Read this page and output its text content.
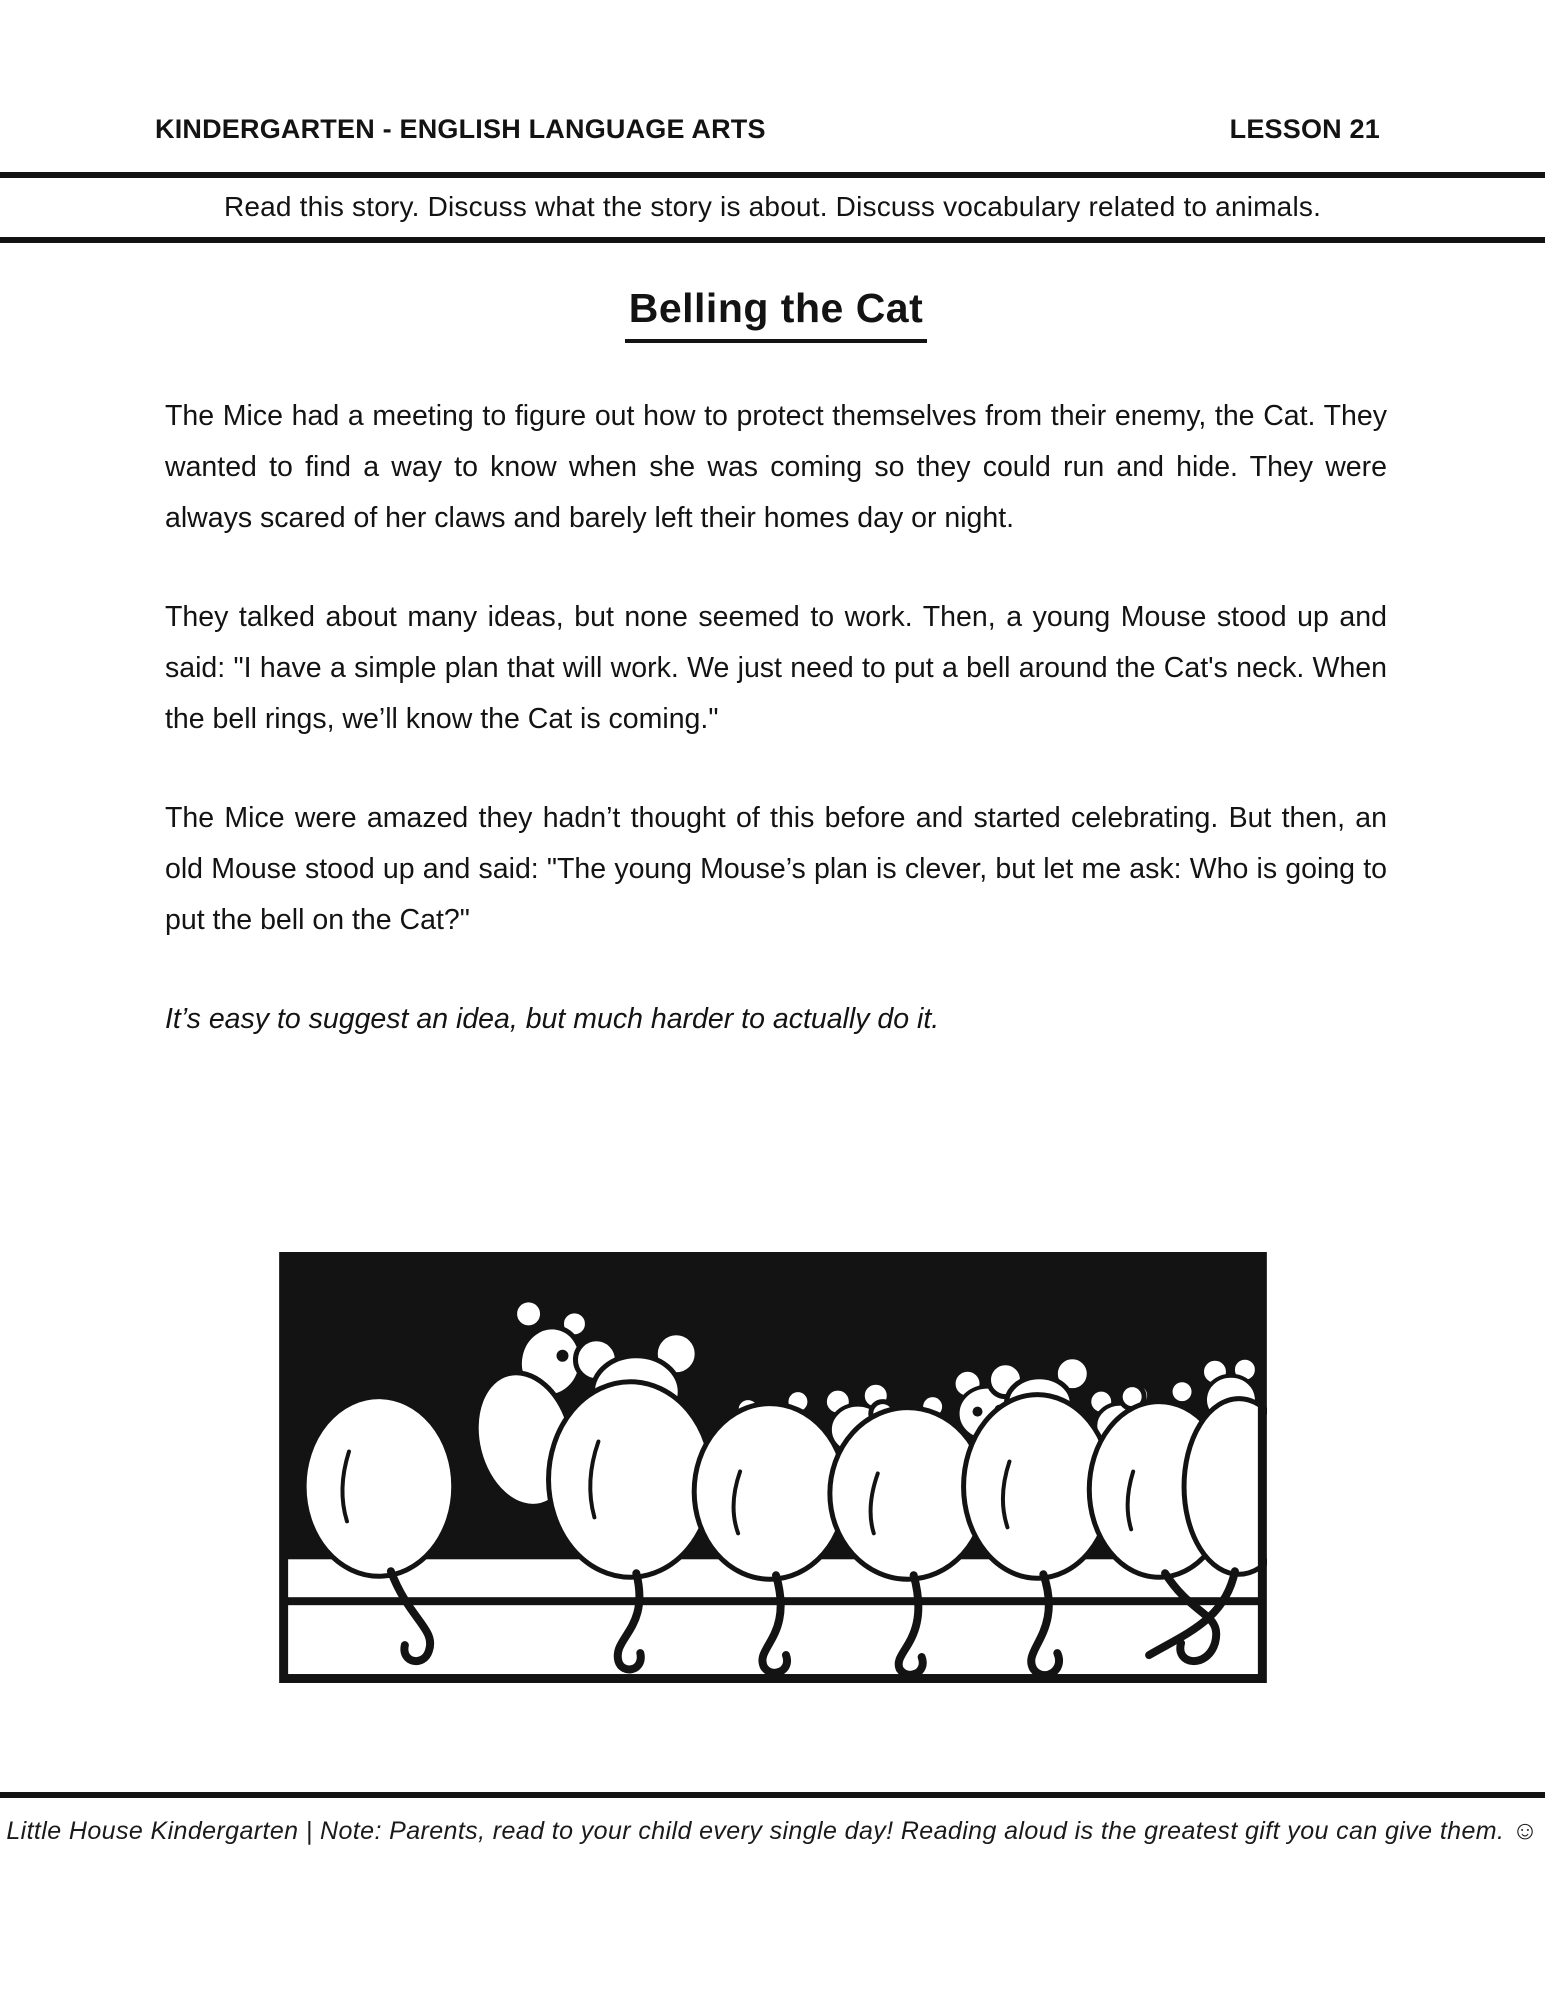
KINDERGARTEN - ENGLISH LANGUAGE ARTS	LESSON 21
Read this story. Discuss what the story is about. Discuss vocabulary related to animals.
Belling the Cat

The Mice had a meeting to figure out how to protect themselves from their enemy, the Cat. They wanted to find a way to know when she was coming so they could run and hide. They were always scared of her claws and barely left their homes day or night.

They talked about many ideas, but none seemed to work. Then, a young Mouse stood up and said: "I have a simple plan that will work. We just need to put a bell around the Cat's neck. When the bell rings, we’ll know the Cat is coming."

The Mice were amazed they hadn’t thought of this before and started celebrating. But then, an old Mouse stood up and said: "The young Mouse’s plan is clever, but let me ask: Who is going to put the bell on the Cat?"

It’s easy to suggest an idea, but much harder to actually do it.

Little House Kindergarten | Note: Parents, read to your child every single day! Reading aloud is the greatest gift you can give them. ☺
